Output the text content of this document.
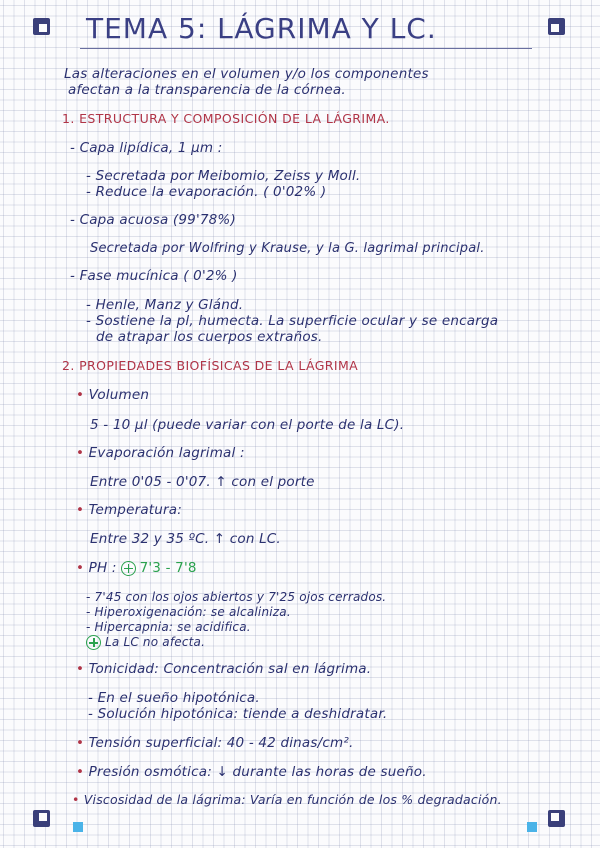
TEMA 5: LÁGRIMA Y LC.
Las alteraciones en el volumen y/o los componentes
afectan a la transparencia de la córnea.
1. ESTRUCTURA Y COMPOSICIÓN DE LA LÁGRIMA.
- Capa lipídica, 1 µm :
- Secretada por Meibomio, Zeiss y Moll.
- Reduce la evaporación. ( 0'02% )
- Capa acuosa (99'78%)
Secretada por Wolfring y Krause, y la G. lagrimal principal.
- Fase mucínica ( 0'2% )
- Henle, Manz y Glánd.
- Sostiene la pl, humecta. La superficie ocular y se encarga
de atrapar los cuerpos extraños.
2. PROPIEDADES BIOFÍSICAS DE LA LÁGRIMA
• Volumen
5 - 10 µl (puede variar con el porte de la LC).
• Evaporación lagrimal :
Entre 0'05 - 0'07. ↑ con el porte
• Temperatura:
Entre 32 y 35 ºC. ↑ con LC.
• PH : 7'3 - 7'8
- 7'45 con los ojos abiertos y 7'25 ojos cerrados.
- Hiperoxigenación: se alcaliniza.
- Hipercapnia: se acidifica.
La LC no afecta.
• Tonicidad: Concentración sal en lágrima.
- En el sueño hipotónica.
- Solución hipotónica: tiende a deshidratar.
• Tensión superficial: 40 - 42 dinas/cm².
• Presión osmótica: ↓ durante las horas de sueño.
• Viscosidad de la lágrima: Varía en función de los % degradación.
